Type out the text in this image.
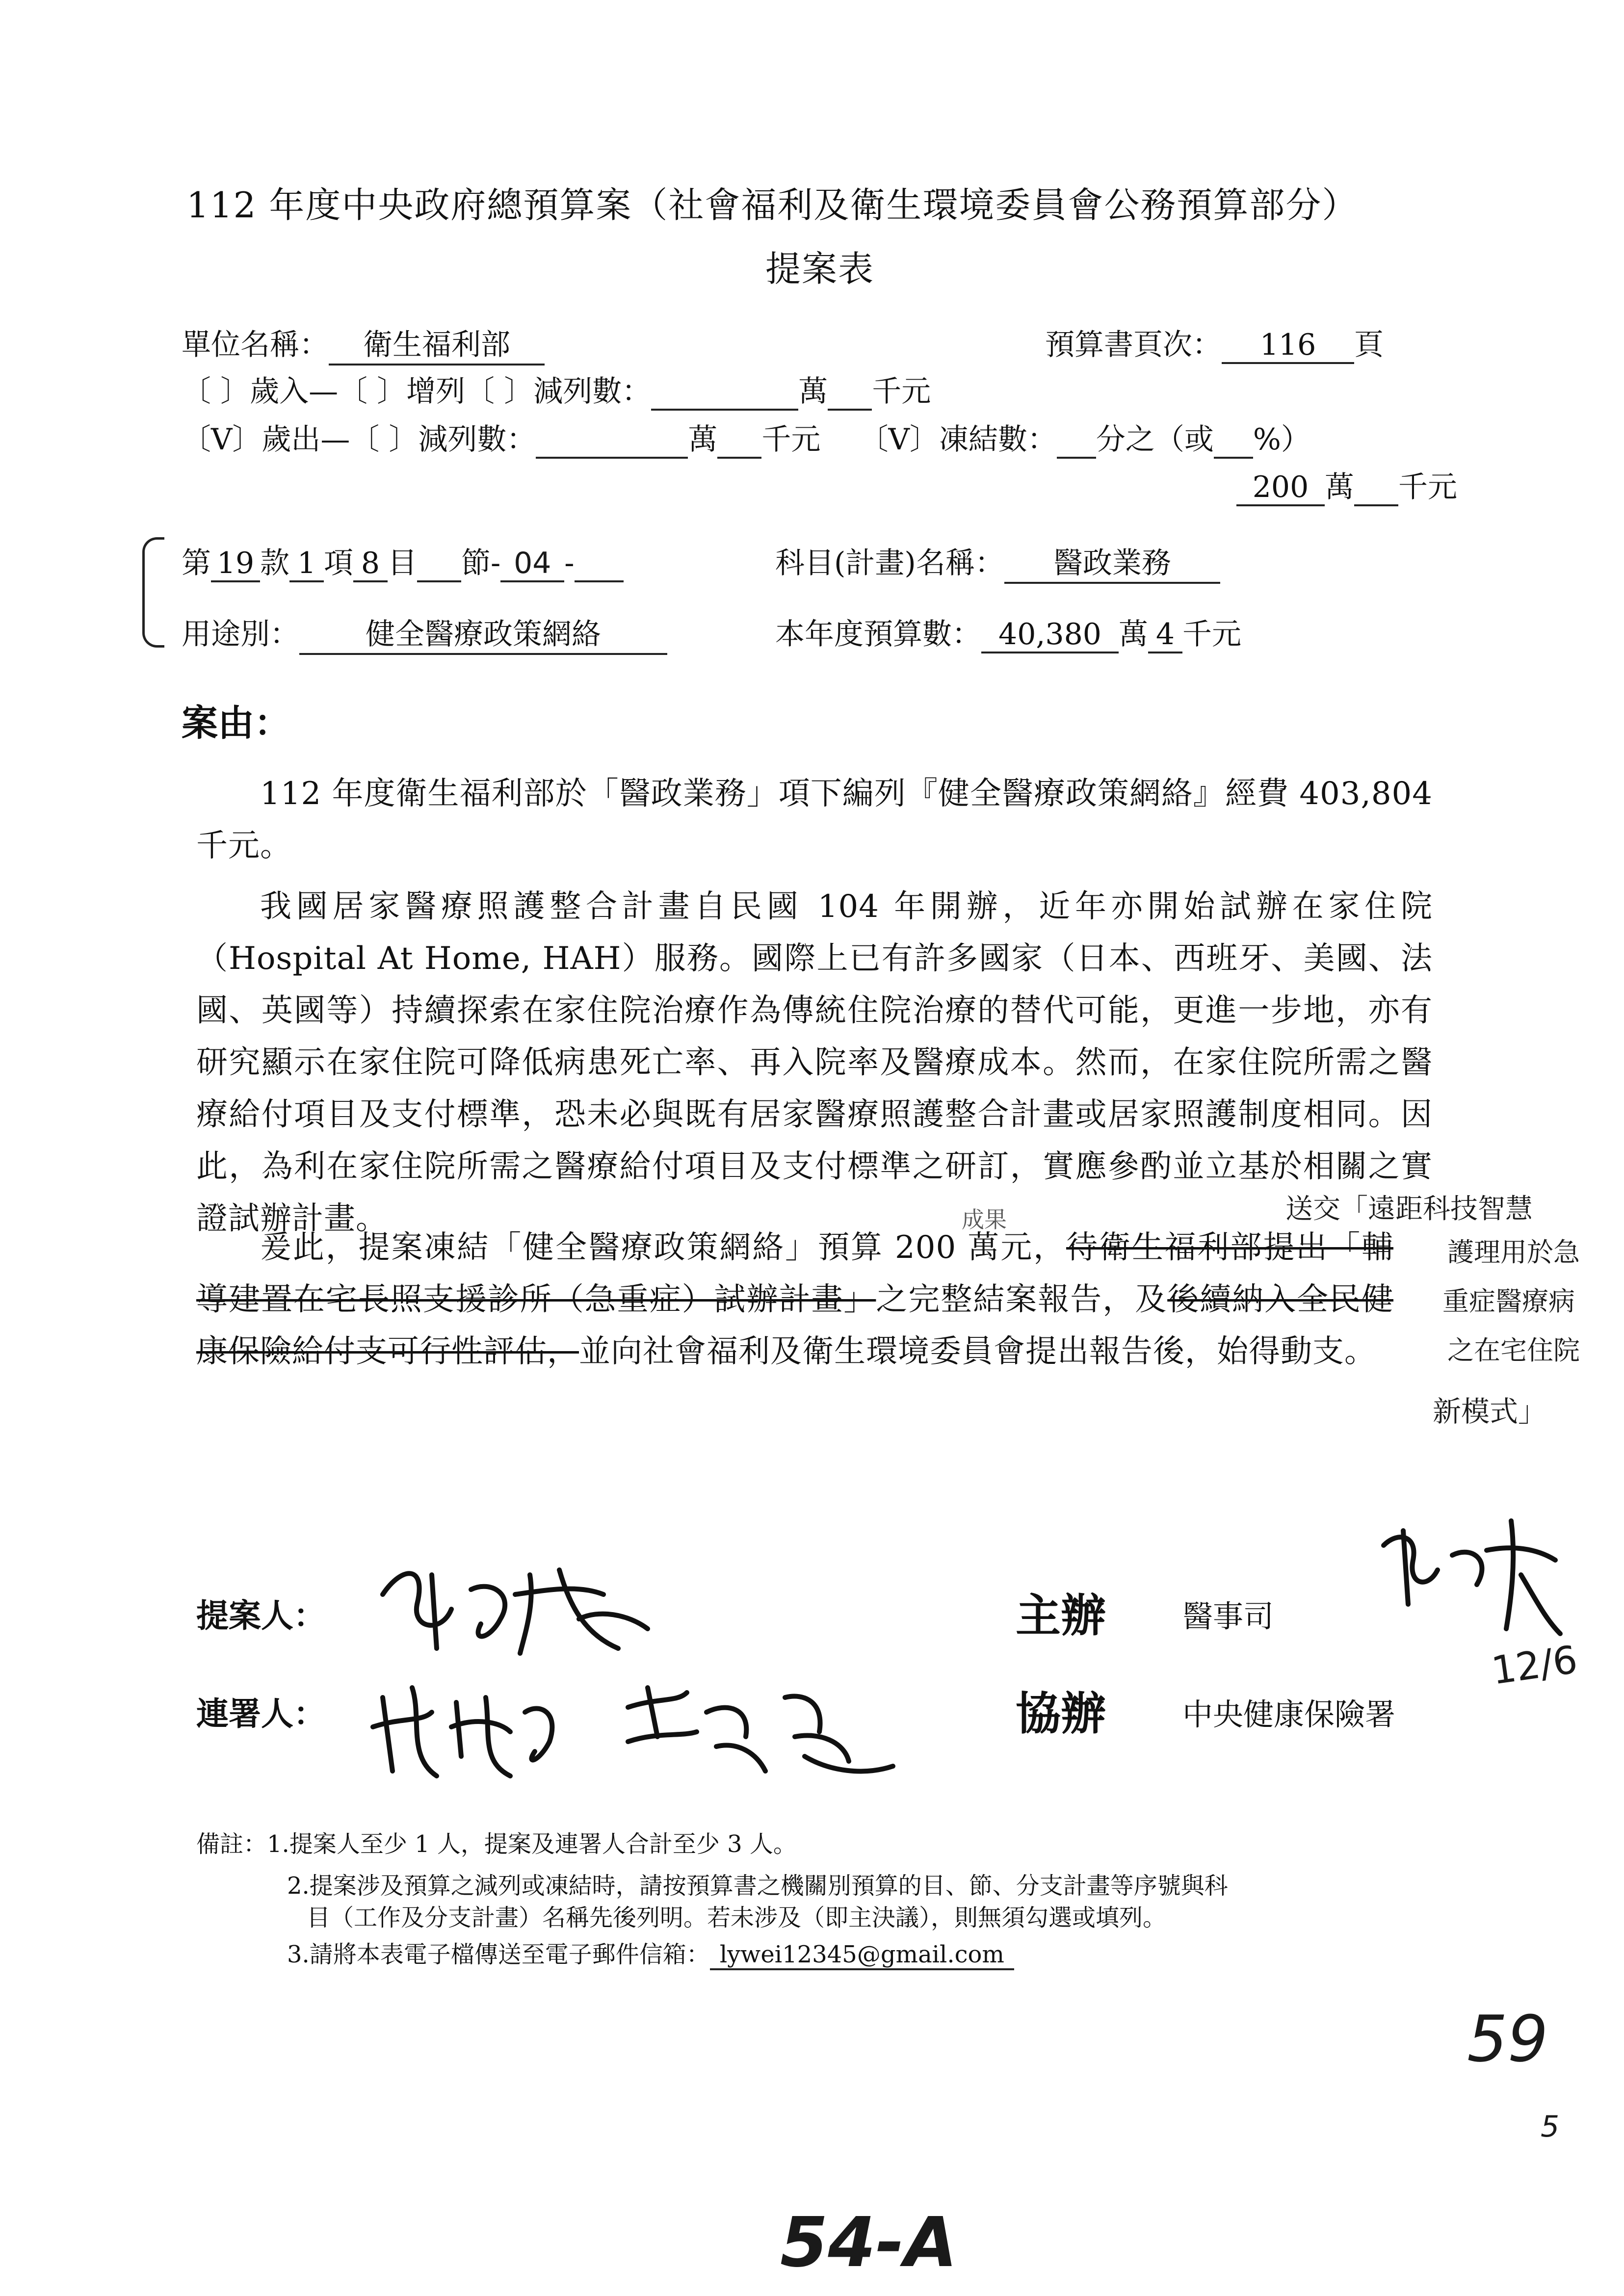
112 年度中央政府總預算案（社會福利及衛生環境委員會公務預算部分）
提案表
單位名稱： 衛生福利部	預算書頁次： 116 頁
〔 〕歲入—〔 〕增列〔 〕減列數：	萬 千元
〔V〕歲出—〔 〕減列數：	萬 千元 〔V〕凍結數： 分之（或 %）
200 萬 千元
第 19 款 1 項 8 目 節- 04 -	科目(計畫)名稱： 醫政業務
用途別： 健全醫療政策網絡	本年度預算數： 40,380 萬 4 千元
案由：
112 年度衛生福利部於「醫政業務」項下編列『健全醫療政策網絡』經費 403,804 千元。
我國居家醫療照護整合計畫自民國 104 年開辦，近年亦開始試辦在家住院（Hospital At Home, HAH）服務。國際上已有許多國家（日本、西班牙、美國、法國、英國等）持續探索在家住院治療作為傳統住院治療的替代可能，更進一步地，亦有研究顯示在家住院可降低病患死亡率、再入院率及醫療成本。然而，在家住院所需之醫療給付項目及支付標準，恐未必與既有居家醫療照護整合計畫或居家照護制度相同。因此，為利在家住院所需之醫療給付項目及支付標準之研訂，實應參酌並立基於相關之實證試辦計畫。
爰此，提案凍結「健全醫療政策網絡」預算 200 萬元，待衛生福利部提出「輔導建置在宅長照支援診所（急重症）試辦計畫」之完整結案報告，及後續納入全民健康保險給付支可行性評估，並向社會福利及衛生環境委員會提出報告後，始得動支。
成果	送交「遠距科技智慧
護理用於急
重症醫療病
之在宅住院
新模式」
提案人：
連署人：
主辦	醫事司
12/6
協辦	中央健康保險署
備註：1.提案人至少 1 人，提案及連署人合計至少 3 人。
2.提案涉及預算之減列或凍結時，請按預算書之機關別預算的目、節、分支計畫等序號與科
目（工作及分支計畫）名稱先後列明。若未涉及（即主決議），則無須勾選或填列。
3.請將本表電子檔傳送至電子郵件信箱： lywei12345@gmail.com
59
5
54-A
